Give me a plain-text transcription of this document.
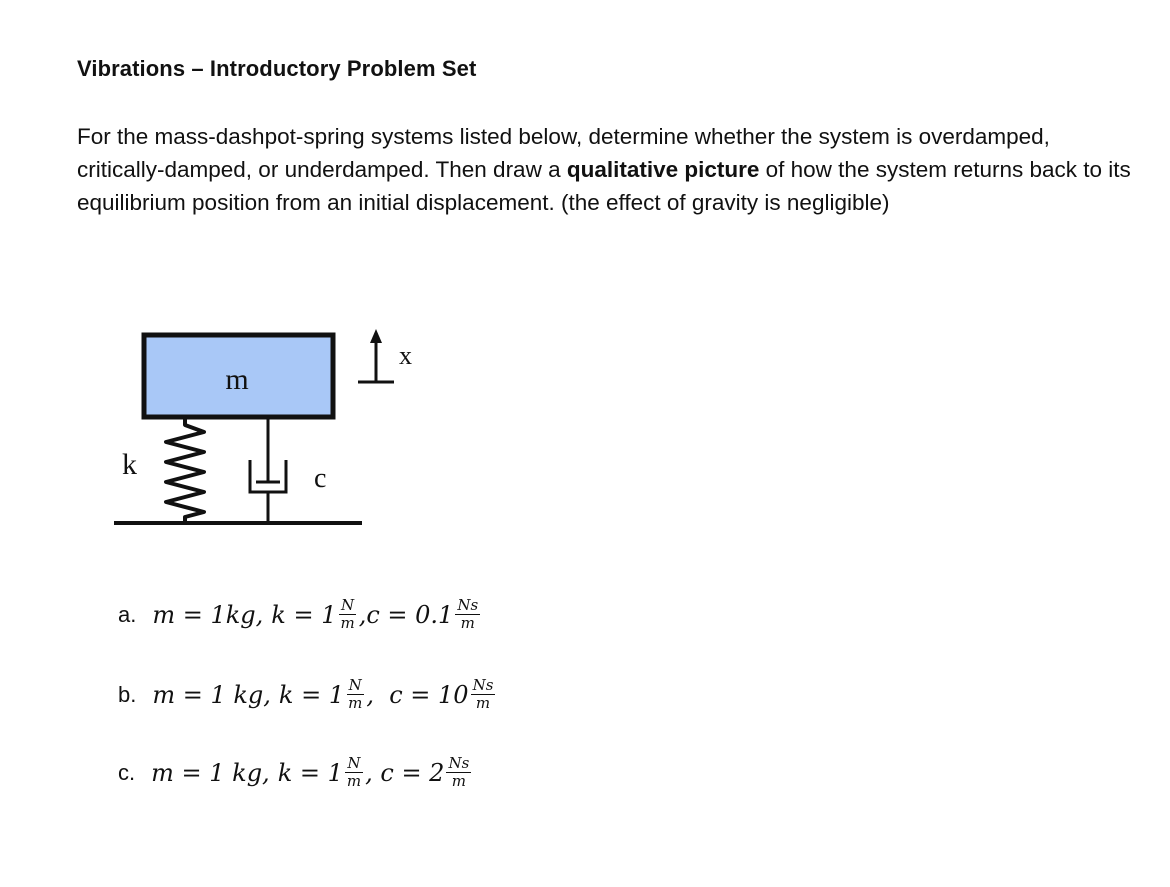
Vibrations – Introductory Problem Set
For the mass-dashpot-spring systems listed below, determine whether the system is overdamped, critically-damped, or underdamped. Then draw a qualitative picture of how the system returns back to its equilibrium position from an initial displacement. (the effect of gravity is negligible)
m
x
k	c
a. m = 1kg, $k = 1 \frac{N}{m} ,c = 0.1 \frac{Ns}{m}$
b. m = 1 kg, $k = 1 \frac{N}{m}$ ,  $c = 10 \frac{Ns}{m}$
c. m = 1 kg, $k = 1 \frac{N}{m}$ , $c = 2 \frac{Ns}{m}$
